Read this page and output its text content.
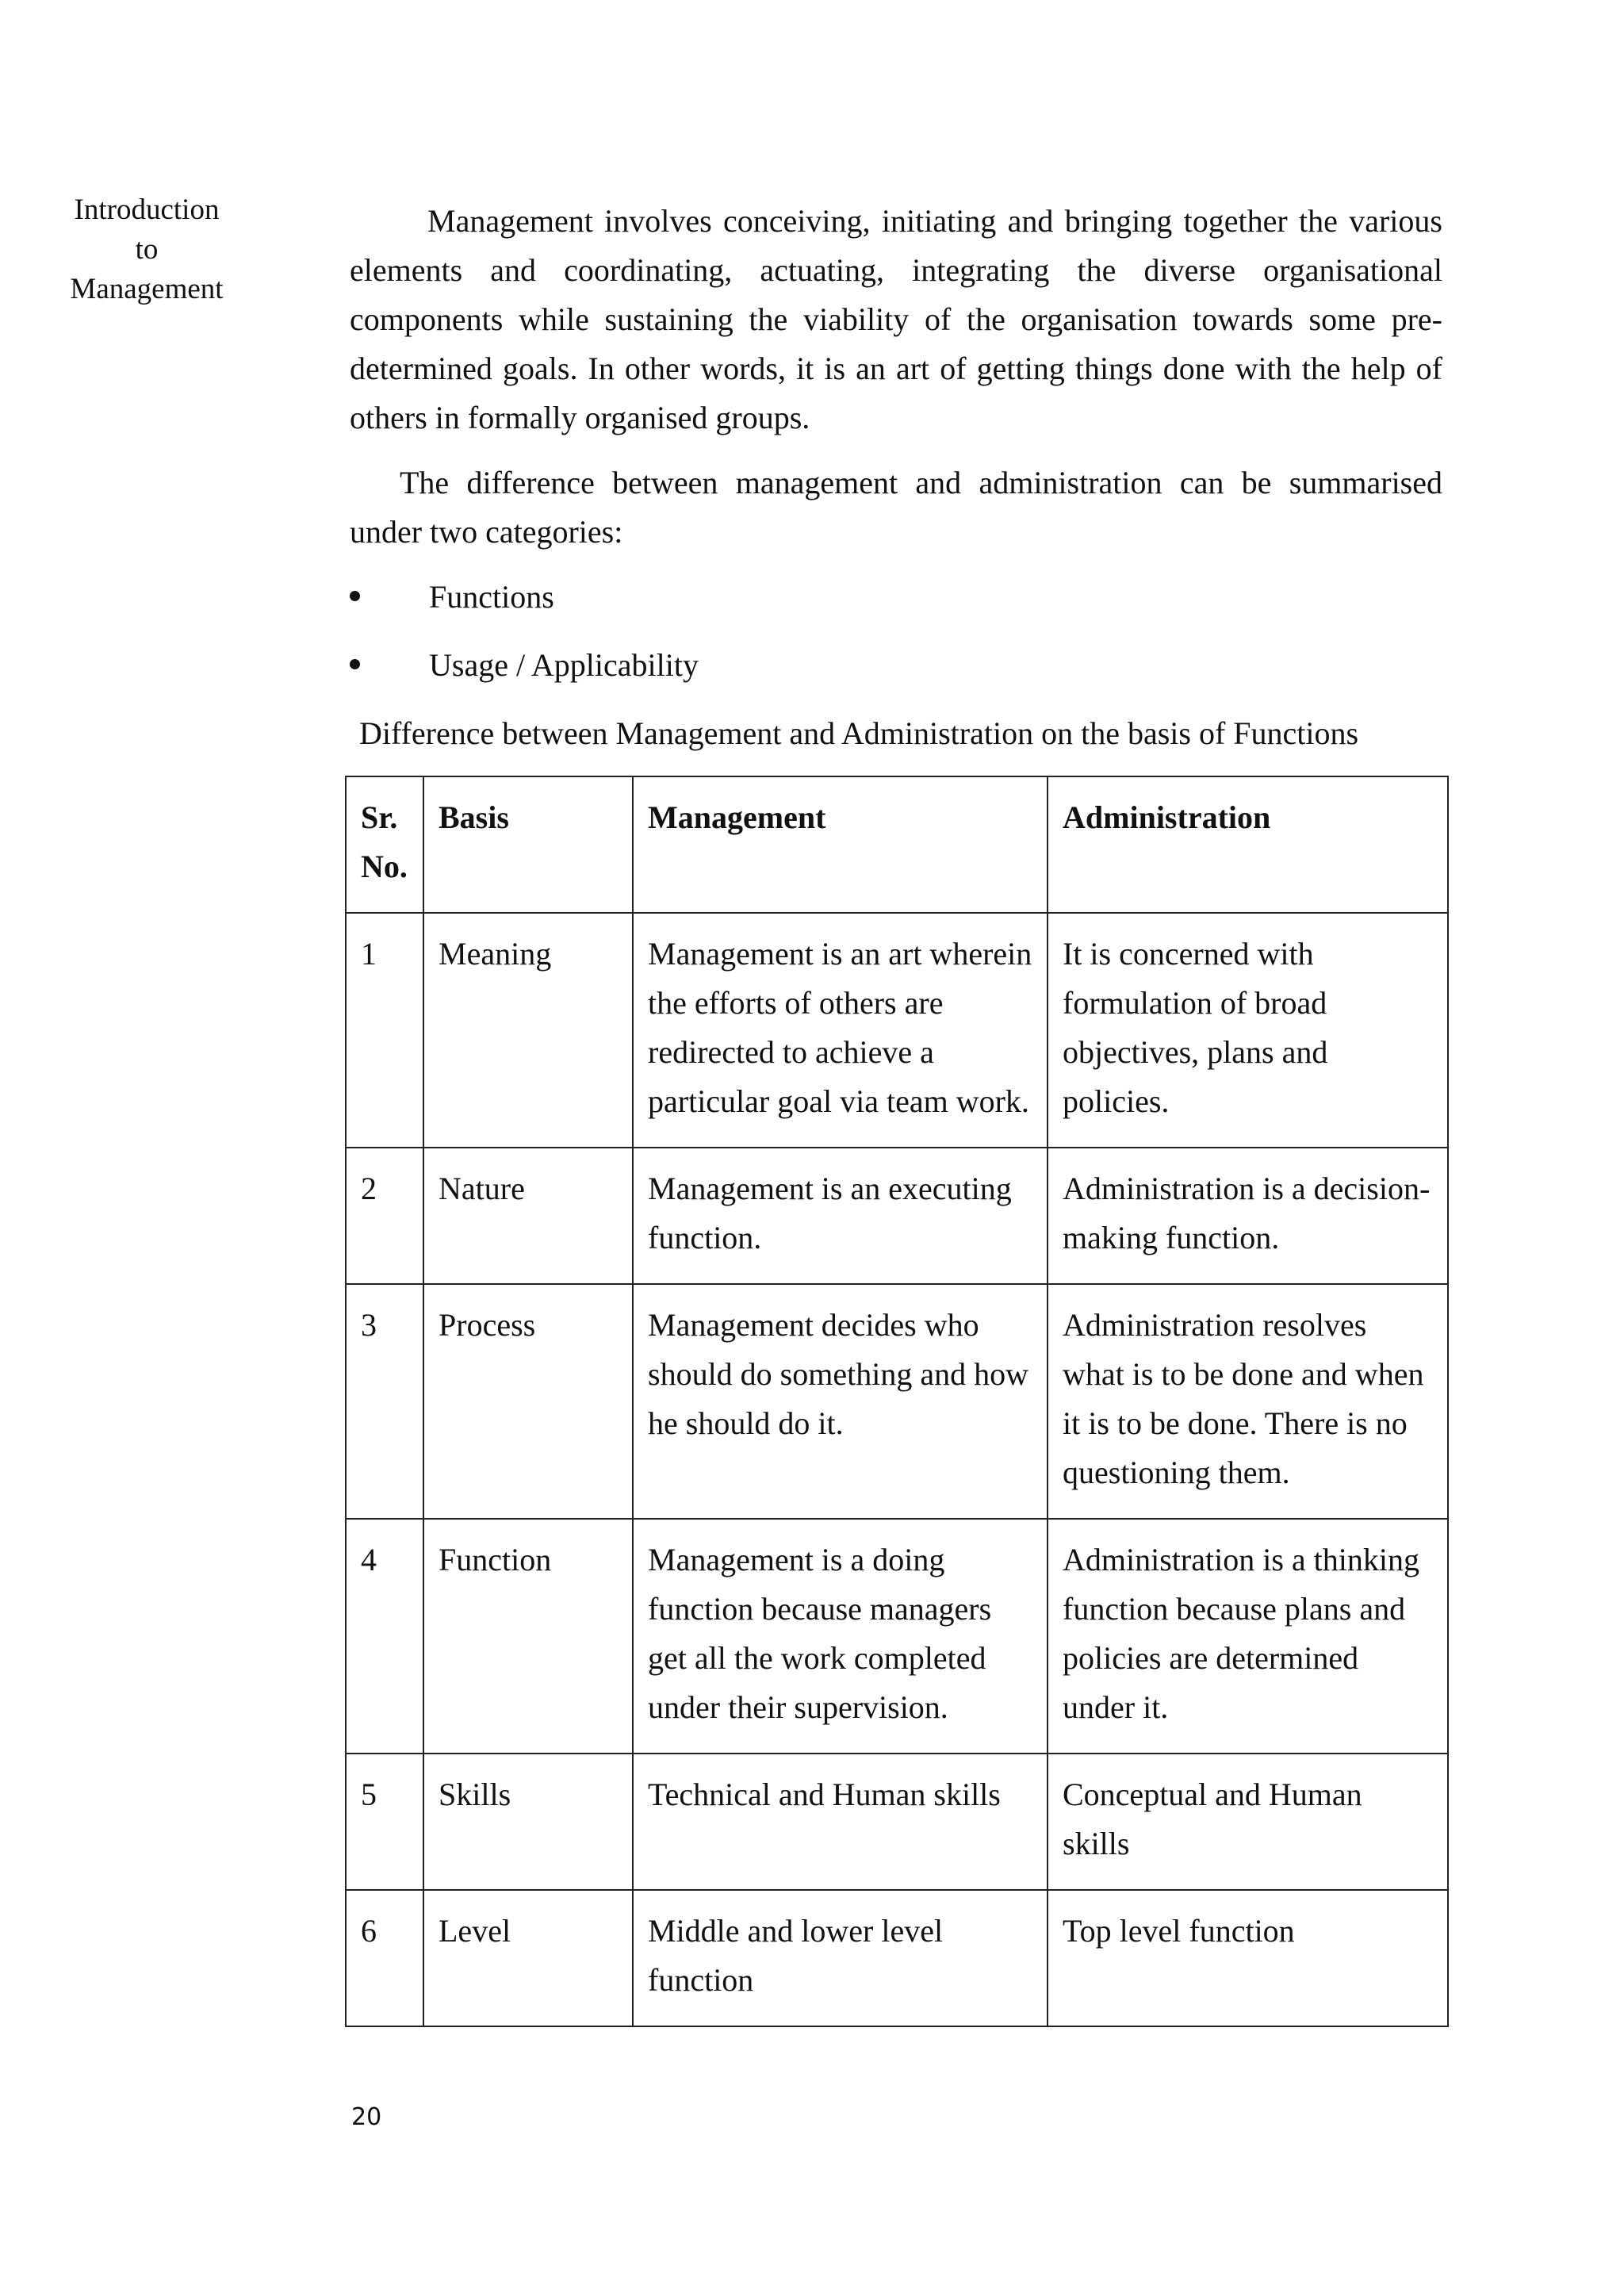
Introduction
to
Management

Management involves conceiving, initiating and bringing together the various elements and coordinating, actuating, integrating the diverse organisational components while sustaining the viability of the organisation towards some pre-determined goals. In other words, it is an art of getting things done with the help of others in formally organised groups.

The difference between management and administration can be summarised under two categories:

Functions
Usage / Applicability

Difference between Management and Administration on the basis of Functions

Sr.
No.	Basis	Management	Administration
1	Meaning	Management is an art wherein the efforts of others are redirected to achieve a particular goal via team work.	It is concerned with formulation of broad objectives, plans and policies.
2	Nature	Management is an executing function.	Administration is a decision-making function.
3	Process	Management decides who should do something and how he should do it.	Administration resolves what is to be done and when it is to be done. There is no questioning them.
4	Function	Management is a doing function because managers get all the work completed under their supervision.	Administration is a thinking function because plans and policies are determined under it.
5	Skills	Technical and Human skills	Conceptual and Human skills
6	Level	Middle and lower level function	Top level function
20
